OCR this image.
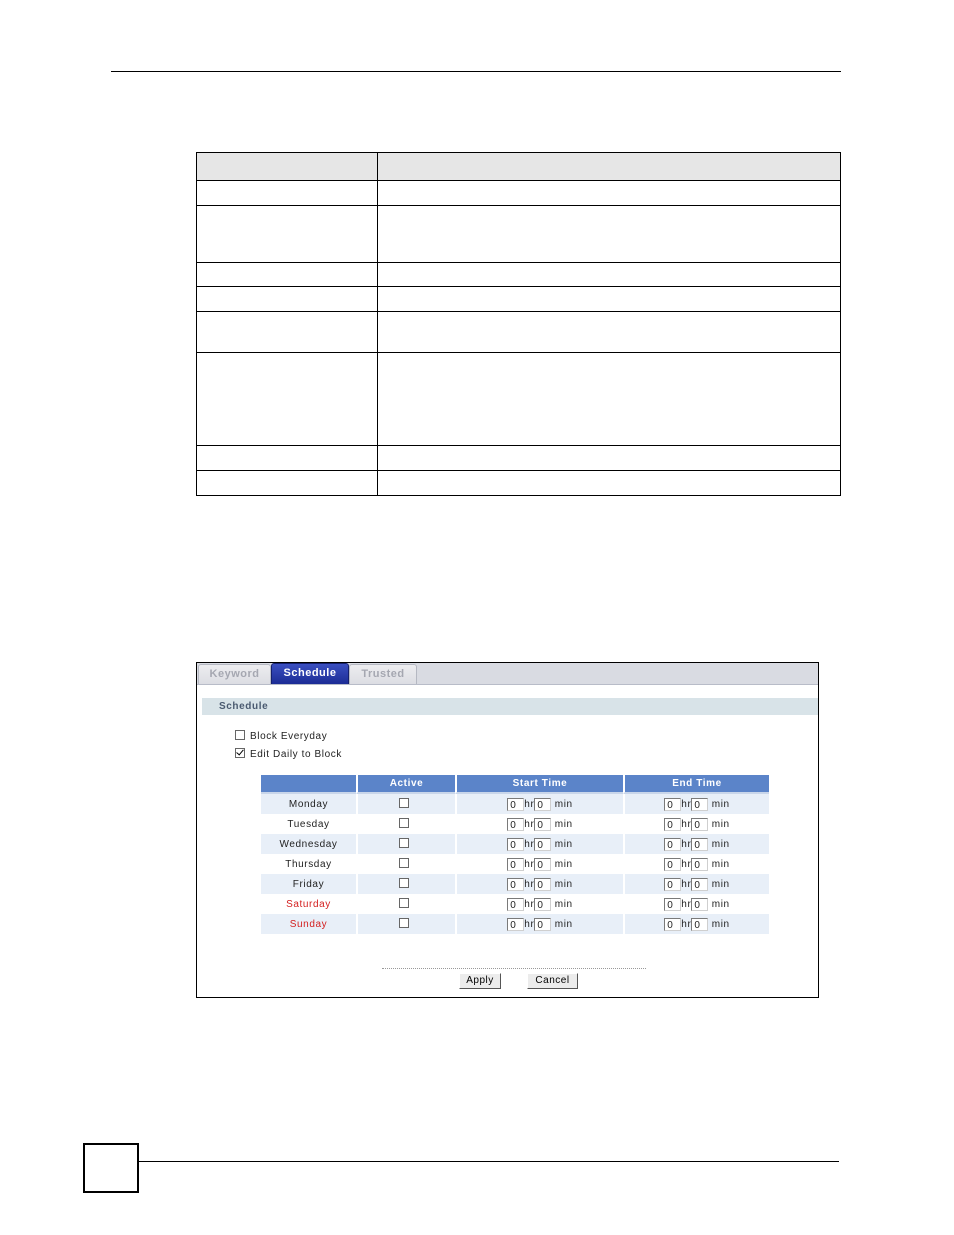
Keyword	Schedule	Trusted
Schedule
Block Everyday
Edit Daily to Block
	Active	Start Time	End Time
Monday		0 hr 0 min	0 hr 0 min
Tuesday		0 hr 0 min	0 hr 0 min
Wednesday		0 hr 0 min	0 hr 0 min
Thursday		0 hr 0 min	0 hr 0 min
Friday		0 hr 0 min	0 hr 0 min
Saturday		0 hr 0 min	0 hr 0 min
Sunday		0 hr 0 min	0 hr 0 min
Apply	Cancel
